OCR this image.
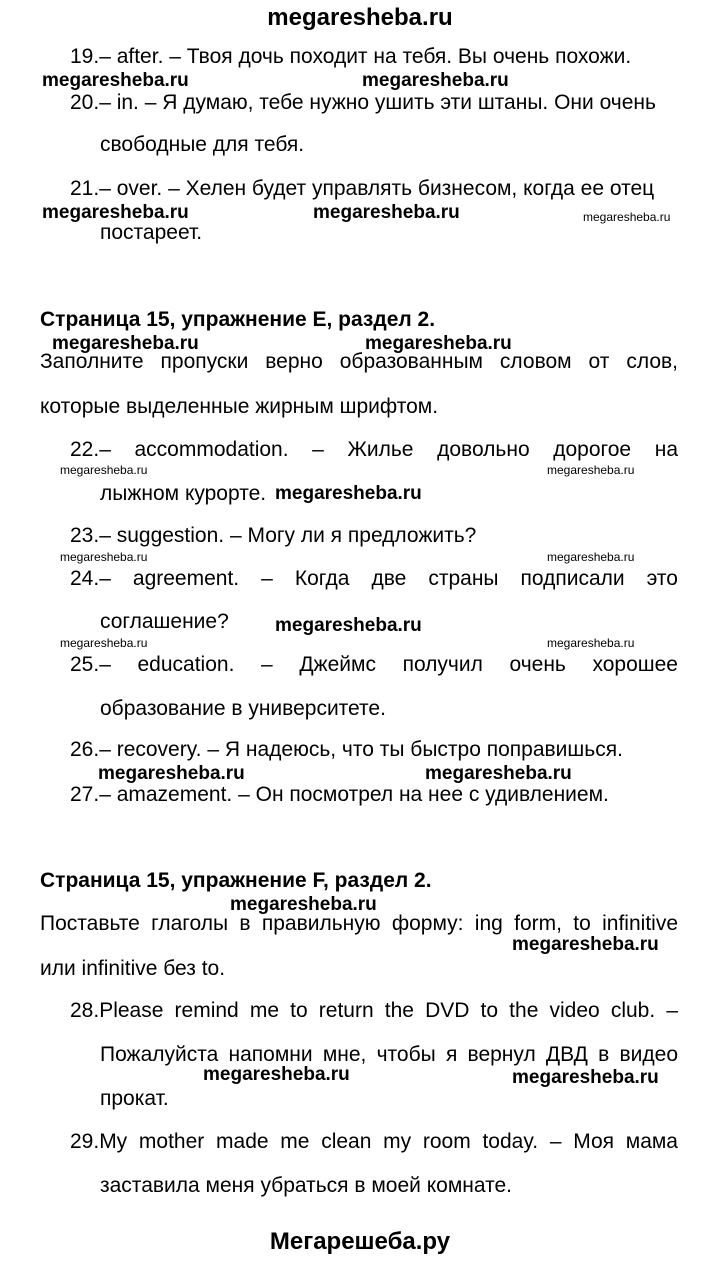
megaresheba.ru
19.– after. – Твоя дочь походит на тебя. Вы очень похожи.
megaresheba.ru	megaresheba.ru
20.– in. – Я думаю, тебе нужно ушить эти штаны. Они очень
свободные для тебя.
21.– over. – Хелен будет управлять бизнесом, когда ее отец
megaresheba.ru	megaresheba.ru	megaresheba.ru
постареет.
Страница 15, упражнение E, раздел 2.
megaresheba.ru	megaresheba.ru
Заполните пропуски верно образованным словом от слов,
которые выделенные жирным шрифтом.
22.– accommodation. – Жилье довольно дорогое на
megaresheba.ru	megaresheba.ru
лыжном курорте. megaresheba.ru
23.– suggestion. – Могу ли я предложить?
megaresheba.ru	megaresheba.ru
24.– agreement. – Когда две страны подписали это
соглашение? megaresheba.ru
megaresheba.ru	megaresheba.ru
25.– education. – Джеймс получил очень хорошее
образование в университете.
26.– recovery. – Я надеюсь, что ты быстро поправишься.
megaresheba.ru	megaresheba.ru
27.– amazement. – Он посмотрел на нее с удивлением.
Страница 15, упражнение F, раздел 2.
megaresheba.ru
Поставьте глаголы в правильную форму: ing form, to infinitive
megaresheba.ru
или infinitive без to.
28.Please remind me to return the DVD to the video club. –
Пожалуйста напомни мне, чтобы я вернул ДВД в видео
megaresheba.ru	megaresheba.ru
прокат.
29.My mother made me clean my room today. – Моя мама
заставила меня убраться в моей комнате.
Мегарешеба.ру
